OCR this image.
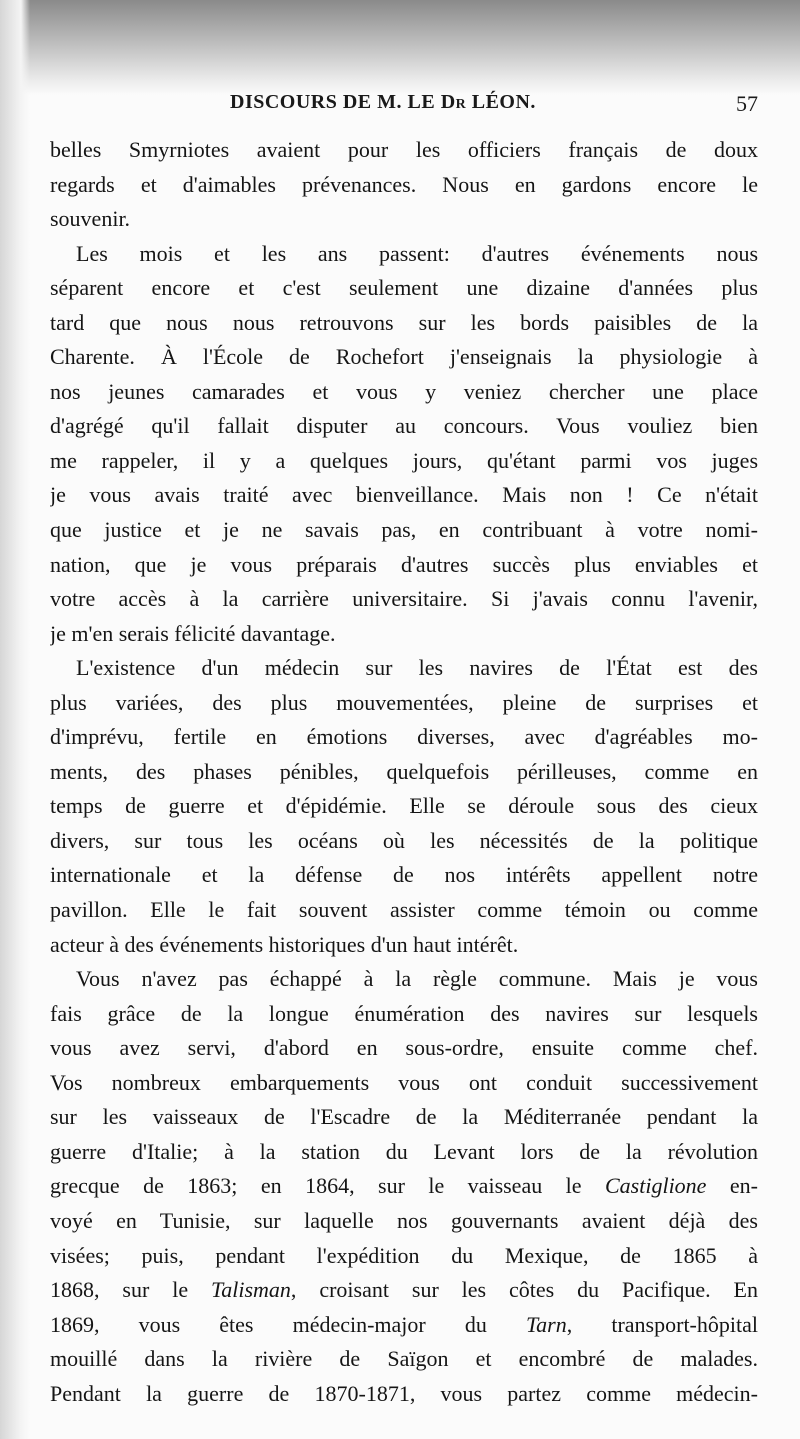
DISCOURS DE M. LE Dr LÉON.	57
belles Smyrniotes avaient pour les officiers français de doux
regards et d'aimables prévenances. Nous en gardons encore le
souvenir.
Les mois et les ans passent: d'autres événements nous
séparent encore et c'est seulement une dizaine d'années plus
tard que nous nous retrouvons sur les bords paisibles de la
Charente. À l'École de Rochefort j'enseignais la physiologie à
nos jeunes camarades et vous y veniez chercher une place
d'agrégé qu'il fallait disputer au concours. Vous vouliez bien
me rappeler, il y a quelques jours, qu'étant parmi vos juges
je vous avais traité avec bienveillance. Mais non ! Ce n'était
que justice et je ne savais pas, en contribuant à votre nomi-
nation, que je vous préparais d'autres succès plus enviables et
votre accès à la carrière universitaire. Si j'avais connu l'avenir,
je m'en serais félicité davantage.
L'existence d'un médecin sur les navires de l'État est des
plus variées, des plus mouvementées, pleine de surprises et
d'imprévu, fertile en émotions diverses, avec d'agréables mo-
ments, des phases pénibles, quelquefois périlleuses, comme en
temps de guerre et d'épidémie. Elle se déroule sous des cieux
divers, sur tous les océans où les nécessités de la politique
internationale et la défense de nos intérêts appellent notre
pavillon. Elle le fait souvent assister comme témoin ou comme
acteur à des événements historiques d'un haut intérêt.
Vous n'avez pas échappé à la règle commune. Mais je vous
fais grâce de la longue énumération des navires sur lesquels
vous avez servi, d'abord en sous-ordre, ensuite comme chef.
Vos nombreux embarquements vous ont conduit successivement
sur les vaisseaux de l'Escadre de la Méditerranée pendant la
guerre d'Italie; à la station du Levant lors de la révolution
grecque de 1863; en 1864, sur le vaisseau le Castiglione en-
voyé en Tunisie, sur laquelle nos gouvernants avaient déjà des
visées; puis, pendant l'expédition du Mexique, de 1865 à
1868, sur le Talisman, croisant sur les côtes du Pacifique. En
1869, vous êtes médecin-major du Tarn, transport-hôpital
mouillé dans la rivière de Saïgon et encombré de malades.
Pendant la guerre de 1870-1871, vous partez comme médecin-
